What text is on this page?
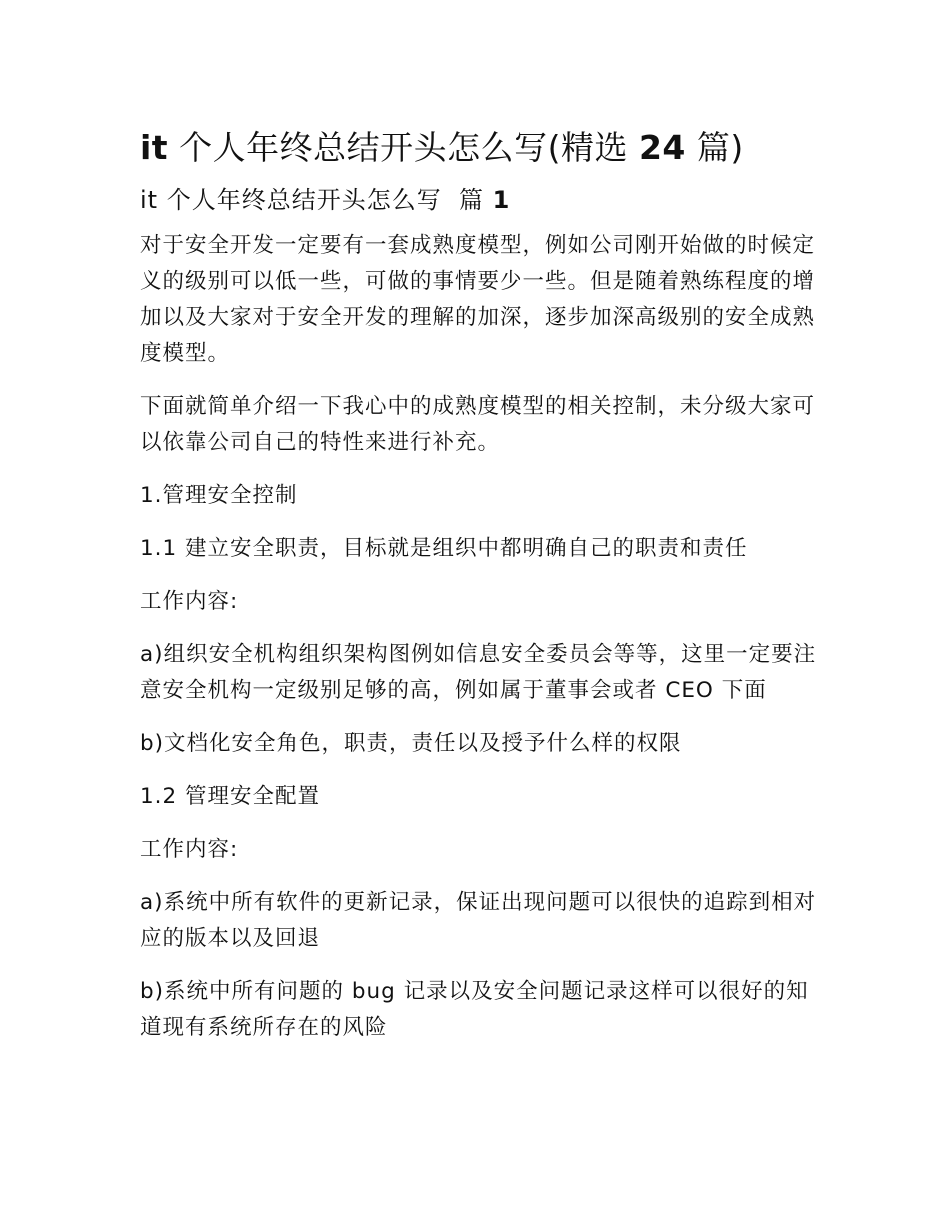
it 个人年终总结开头怎么写(精选 24 篇)
it 个人年终总结开头怎么写 篇 1

对于安全开发一定要有一套成熟度模型，例如公司刚开始做的时候定义的级别可以低一些，可做的事情要少一些。但是随着熟练程度的增加以及大家对于安全开发的理解的加深，逐步加深高级别的安全成熟度模型。

下面就简单介绍一下我心中的成熟度模型的相关控制，未分级大家可以依靠公司自己的特性来进行补充。

1.管理安全控制

1.1 建立安全职责，目标就是组织中都明确自己的职责和责任

工作内容:

a)组织安全机构组织架构图例如信息安全委员会等等，这里一定要注意安全机构一定级别足够的高，例如属于董事会或者 CEO 下面

b)文档化安全角色，职责，责任以及授予什么样的权限

1.2 管理安全配置

工作内容:

a)系统中所有软件的更新记录，保证出现问题可以很快的追踪到相对应的版本以及回退

b)系统中所有问题的 bug 记录以及安全问题记录这样可以很好的知道现有系统所存在的风险
